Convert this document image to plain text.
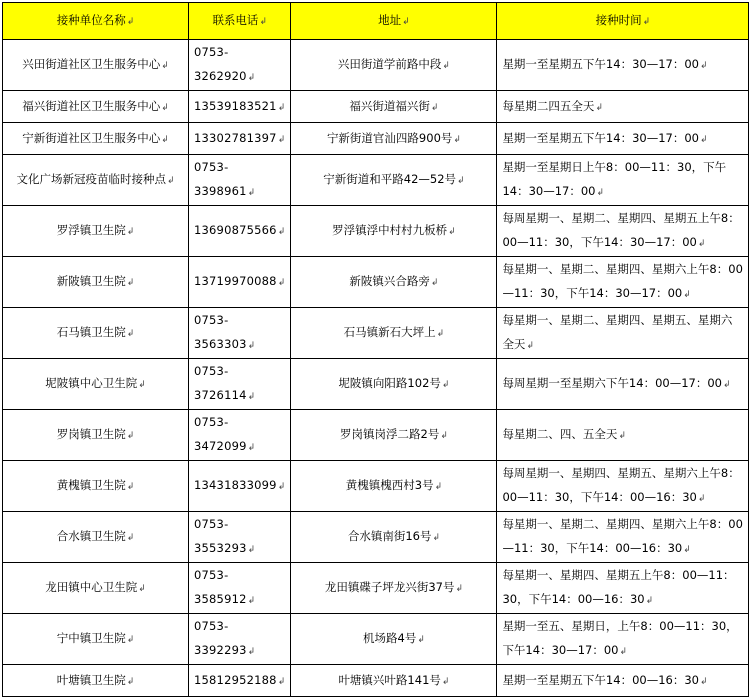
接种单位名称↲	联系电话↲	地址↲	接种时间↲
兴田街道社区卫生服务中心↲	0753-3262920↲	兴田街道学前路中段↲	星期一至星期五下午14：30—17：00↲
福兴街道社区卫生服务中心↲	13539183521↲	福兴街道福兴街↲	每星期二四五全天↲
宁新街道社区卫生服务中心↲	13302781397↲	宁新街道官汕四路900号↲	星期一至星期五下午14：30—17：00↲
文化广场新冠疫苗临时接种点↲	0753-3398961↲	宁新街道和平路42—52号↲	星期一至星期日上午8：00—11：30，下午14：30—17：00↲
罗浮镇卫生院↲	13690875566↲	罗浮镇浮中村村九板桥↲	每周星期一、星期二、星期四、星期五上午8：00—11：30，下午14：30—17：00↲
新陂镇卫生院↲	13719970088↲	新陂镇兴合路旁↲	每星期一、星期二、星期四、星期六上午8：00—11：30，下午14：30—17：00↲
石马镇卫生院↲	0753-3563303↲	石马镇新石大坪上↲	每星期一、星期二、星期四、星期五、星期六全天↲
坭陂镇中心卫生院↲	0753-3726114↲	坭陂镇向阳路102号↲	每周星期一至星期六下午14：00—17：00↲
罗岗镇卫生院↲	0753-3472099↲	罗岗镇岗浮二路2号↲	每星期二、四、五全天↲
黄槐镇卫生院↲	13431833099↲	黄槐镇槐西村3号↲	每周星期一、星期四、星期五、星期六上午8：00—11：30，下午14：00—16：30↲
合水镇卫生院↲	0753-3553293↲	合水镇南街16号↲	每星期一、星期二、星期四、星期六上午8：00—11：30，下午14：00—16：30↲
龙田镇中心卫生院↲	0753-3585912↲	龙田镇碟子坪龙兴街37号↲	每星期一、星期四、星期五上午8：00—11：30，下午14：00—16：30↲
宁中镇卫生院↲	0753-3392293↲	机场路4号↲	星期一至五、星期日，上午8：00—11：30，下午14：30—17：00↲
叶塘镇卫生院↲	15812952188↲	叶塘镇兴叶路141号↲	星期一至星期五下午14：00—16：30↲
